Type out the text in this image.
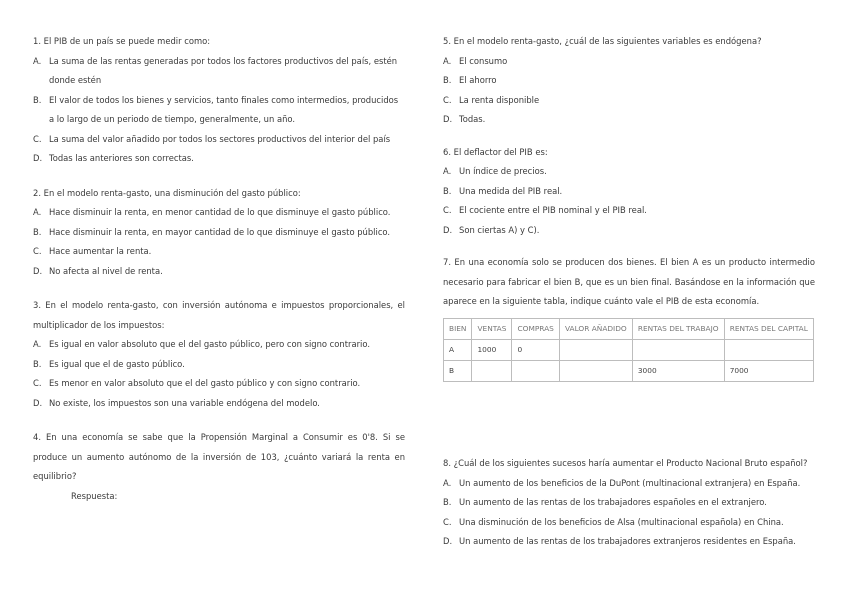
1. El PIB de un país se puede medir como:
A. La suma de las rentas generadas por todos los factores productivos del país, estén donde estén
B. El valor de todos los bienes y servicios, tanto finales como intermedios, producidos a lo largo de un periodo de tiempo, generalmente, un año.
C. La suma del valor añadido por todos los sectores productivos del interior del país
D. Todas las anteriores son correctas.
2. En el modelo renta-gasto, una disminución del gasto público:
A. Hace disminuir la renta, en menor cantidad de lo que disminuye el gasto público.
B. Hace disminuir la renta, en mayor cantidad de lo que disminuye el gasto público.
C. Hace aumentar la renta.
D. No afecta al nivel de renta.
3. En el modelo renta-gasto, con inversión autónoma e impuestos proporcionales, el multiplicador de los impuestos:
A. Es igual en valor absoluto que el del gasto público, pero con signo contrario.
B. Es igual que el de gasto público.
C. Es menor en valor absoluto que el del gasto público y con signo contrario.
D. No existe, los impuestos son una variable endógena del modelo.
4. En una economía se sabe que la Propensión Marginal a Consumir es 0'8. Si se produce un aumento autónomo de la inversión de 103, ¿cuánto variará la renta en equilibrio?
Respuesta:
5. En el modelo renta-gasto, ¿cuál de las siguientes variables es endógena?
A. El consumo
B. El ahorro
C. La renta disponible
D. Todas.
6. El deflactor del PIB es:
A. Un índice de precios.
B. Una medida del PIB real.
C. El cociente entre el PIB nominal y el PIB real.
D. Son ciertas A) y C).
7. En una economía solo se producen dos bienes. El bien A es un producto intermedio necesario para fabricar el bien B, que es un bien final. Basándose en la información que aparece en la siguiente tabla, indique cuánto vale el PIB de esta economía.
BIEN	VENTAS	COMPRAS	VALOR AÑADIDO	RENTAS DEL TRABAJO	RENTAS DEL CAPITAL
A	1000	0			
B				3000	7000
8. ¿Cuál de los siguientes sucesos haría aumentar el Producto Nacional Bruto español?
A. Un aumento de los beneficios de la DuPont (multinacional extranjera) en España.
B. Un aumento de las rentas de los trabajadores españoles en el extranjero.
C. Una disminución de los beneficios de Alsa (multinacional española) en China.
D. Un aumento de las rentas de los trabajadores extranjeros residentes en España.
